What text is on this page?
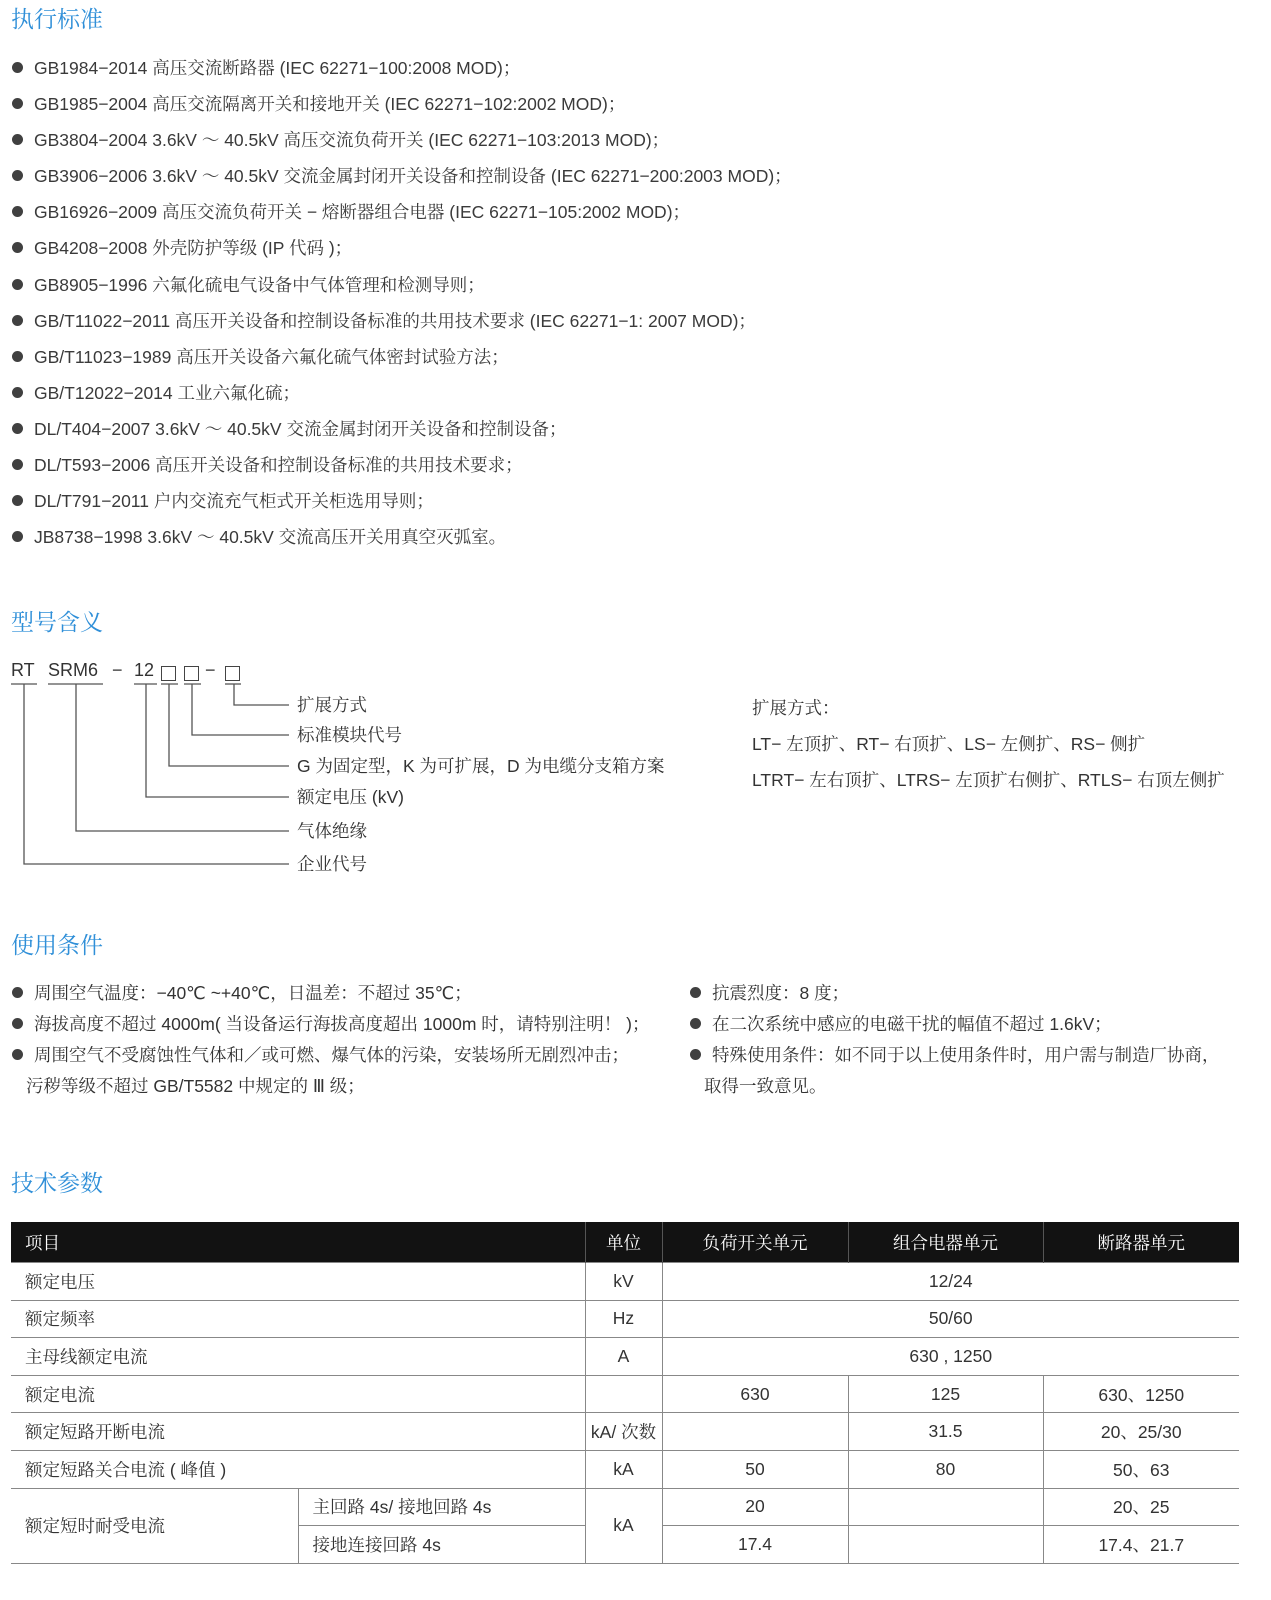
执行标准
GB1984−2014 高压交流断路器 (IEC 62271−100:2008 MOD)；
GB1985−2004 高压交流隔离开关和接地开关 (IEC 62271−102:2002 MOD)；
GB3804−2004 3.6kV ～ 40.5kV 高压交流负荷开关 (IEC 62271−103:2013 MOD)；
GB3906−2006 3.6kV ～ 40.5kV 交流金属封闭开关设备和控制设备 (IEC 62271−200:2003 MOD)；
GB16926−2009 高压交流负荷开关 − 熔断器组合电器 (IEC 62271−105:2002 MOD)；
GB4208−2008 外壳防护等级 (IP 代码 )；
GB8905−1996 六氟化硫电气设备中气体管理和检测导则；
GB/T11022−2011 高压开关设备和控制设备标准的共用技术要求 (IEC 62271−1: 2007 MOD)；
GB/T11023−1989 高压开关设备六氟化硫气体密封试验方法；
GB/T12022−2014 工业六氟化硫；
DL/T404−2007 3.6kV ～ 40.5kV 交流金属封闭开关设备和控制设备；
DL/T593−2006 高压开关设备和控制设备标准的共用技术要求；
DL/T791−2011 户内交流充气柜式开关柜选用导则；
JB8738−1998 3.6kV ～ 40.5kV 交流高压开关用真空灭弧室。
型号含义
RT SRM6 − 12	−
扩展方式
标准模块代号
G 为固定型，K 为可扩展，D 为电缆分支箱方案
额定电压 (kV)
气体绝缘
企业代号

扩展方式：

LT− 左顶扩、RT− 右顶扩、LS− 左侧扩、RS− 侧扩

LTRT− 左右顶扩、LTRS− 左顶扩右侧扩、RTLS− 右顶左侧扩

使用条件
周围空气温度：−40℃ ~+40℃，日温差：不超过 35℃；
海拔高度不超过 4000m( 当设备运行海拔高度超出 1000m 时，请特别注明！ )；
周围空气不受腐蚀性气体和／或可燃、爆气体的污染，安装场所无剧烈冲击；
污秽等级不超过 GB/T5582 中规定的 Ⅲ 级；
抗震烈度：8 度；
在二次系统中感应的电磁干扰的幅值不超过 1.6kV；
特殊使用条件：如不同于以上使用条件时，用户需与制造厂协商，
取得一致意见。
技术参数
项目		单位	负荷开关单元	组合电器单元	断路器单元
额定电压		kV	12/24		
额定频率		Hz	50/60		
主母线额定电流		A	630 , 1250		
额定电流			630	125	630、1250
额定短路开断电流		kA/ 次数		31.5	20、25/30
额定短路关合电流 ( 峰值 )		kA	50	80	50、63
额定短时耐受电流	主回路 4s/ 接地回路 4s	kA	20		20、25
	接地连接回路 4s		17.4		17.4、21.7
